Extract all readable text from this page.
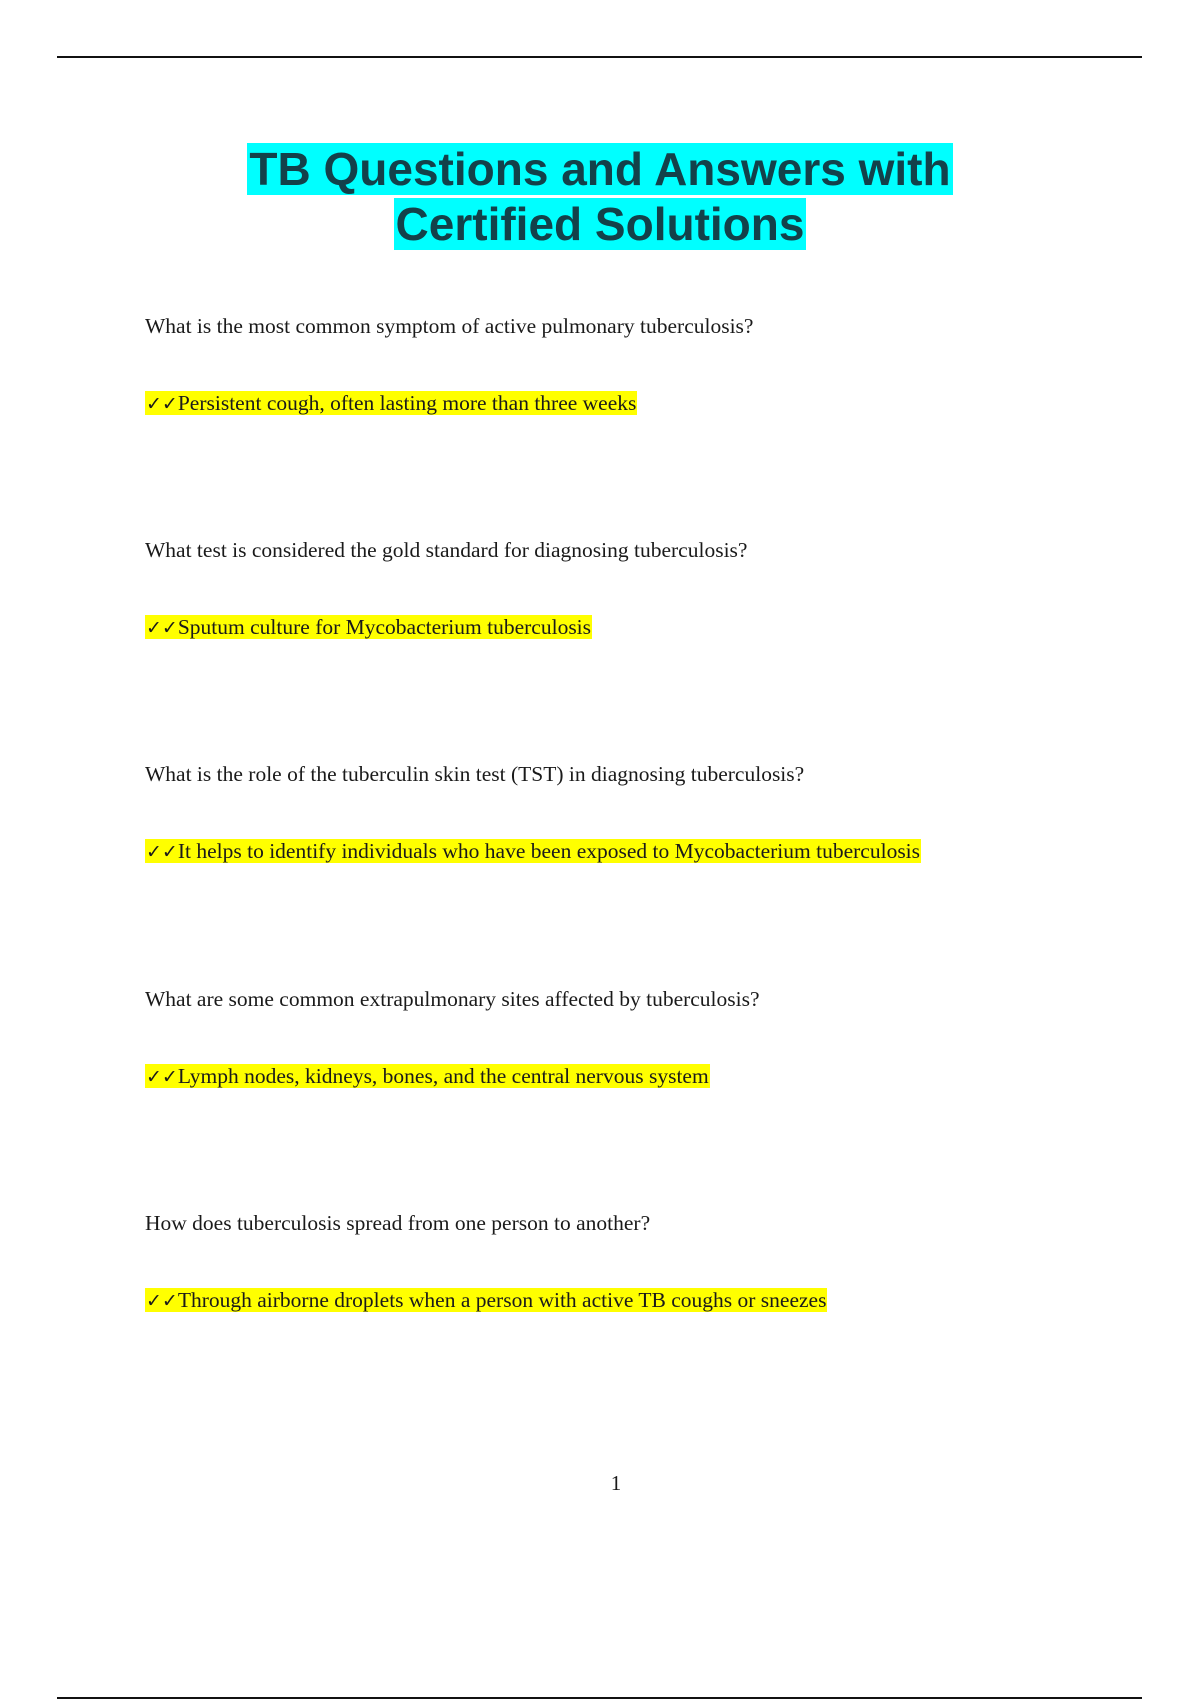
TB Questions and Answers with
Certified Solutions

What is the most common symptom of active pulmonary tuberculosis?

✓✓Persistent cough, often lasting more than three weeks

What test is considered the gold standard for diagnosing tuberculosis?

✓✓Sputum culture for Mycobacterium tuberculosis

What is the role of the tuberculin skin test (TST) in diagnosing tuberculosis?

✓✓It helps to identify individuals who have been exposed to Mycobacterium tuberculosis

What are some common extrapulmonary sites affected by tuberculosis?

✓✓Lymph nodes, kidneys, bones, and the central nervous system

How does tuberculosis spread from one person to another?

✓✓Through airborne droplets when a person with active TB coughs or sneezes

1
